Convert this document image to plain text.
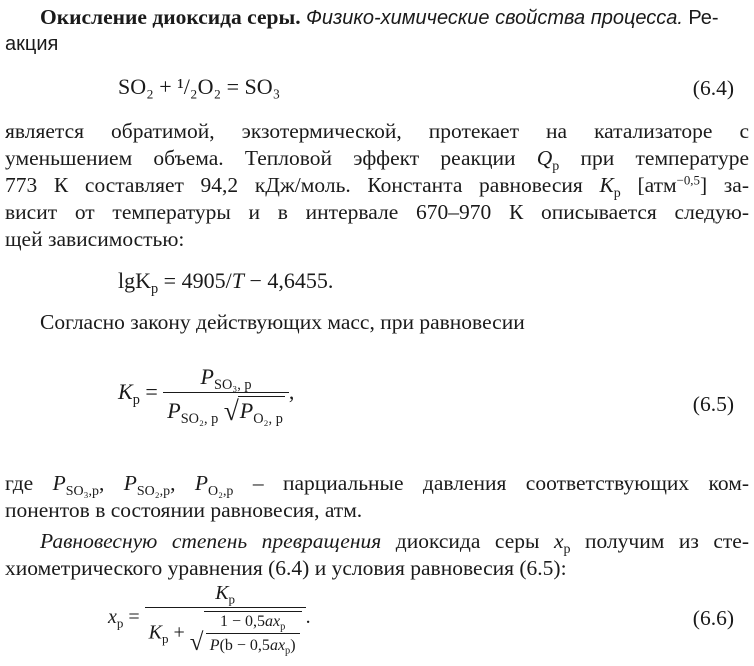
Окисление диоксида серы. Физико-химические свойства процесса. Ре-
акция
SO₂ + ¹/₂O₂ = SO₃	(6.4)
является обратимой, экзотермической, протекает на катализаторе с
уменьшением объема. Тепловой эффект реакции $Q_р$ при температуре
773 К составляет 94,2 кДж/моль. Константа равновесия $K_р$ [атм$^{-0,5}$] за-
висит от температуры и в интервале 670–970 К описывается следую-
щей зависимостью:
lgK$_р$ = 4905/T − 4,6455.
Согласно закону действующих масс, при равновесии
$K_р = \frac{P_{SO_3, р}}{P_{SO_2, р} √ P_{O_2, р}}$ ,	(6.5)
где $P_{SO_3,р}$, $P_{SO_2,р}$, $P_{O_2,р}$ – парциальные давления соответствующих ком-
понентов в состоянии равновесия, атм.
Равновесную степень превращения диоксида серы $x_р$ получим из сте-
хиометрического уравнения (6.4) и условия равновесия (6.5):
$x_р$ =
$K_р$
$K_р$ + √ $\frac{1 - 0,5ax_р}{P(b - 0,5ax_р)}$ .	(6.6)
